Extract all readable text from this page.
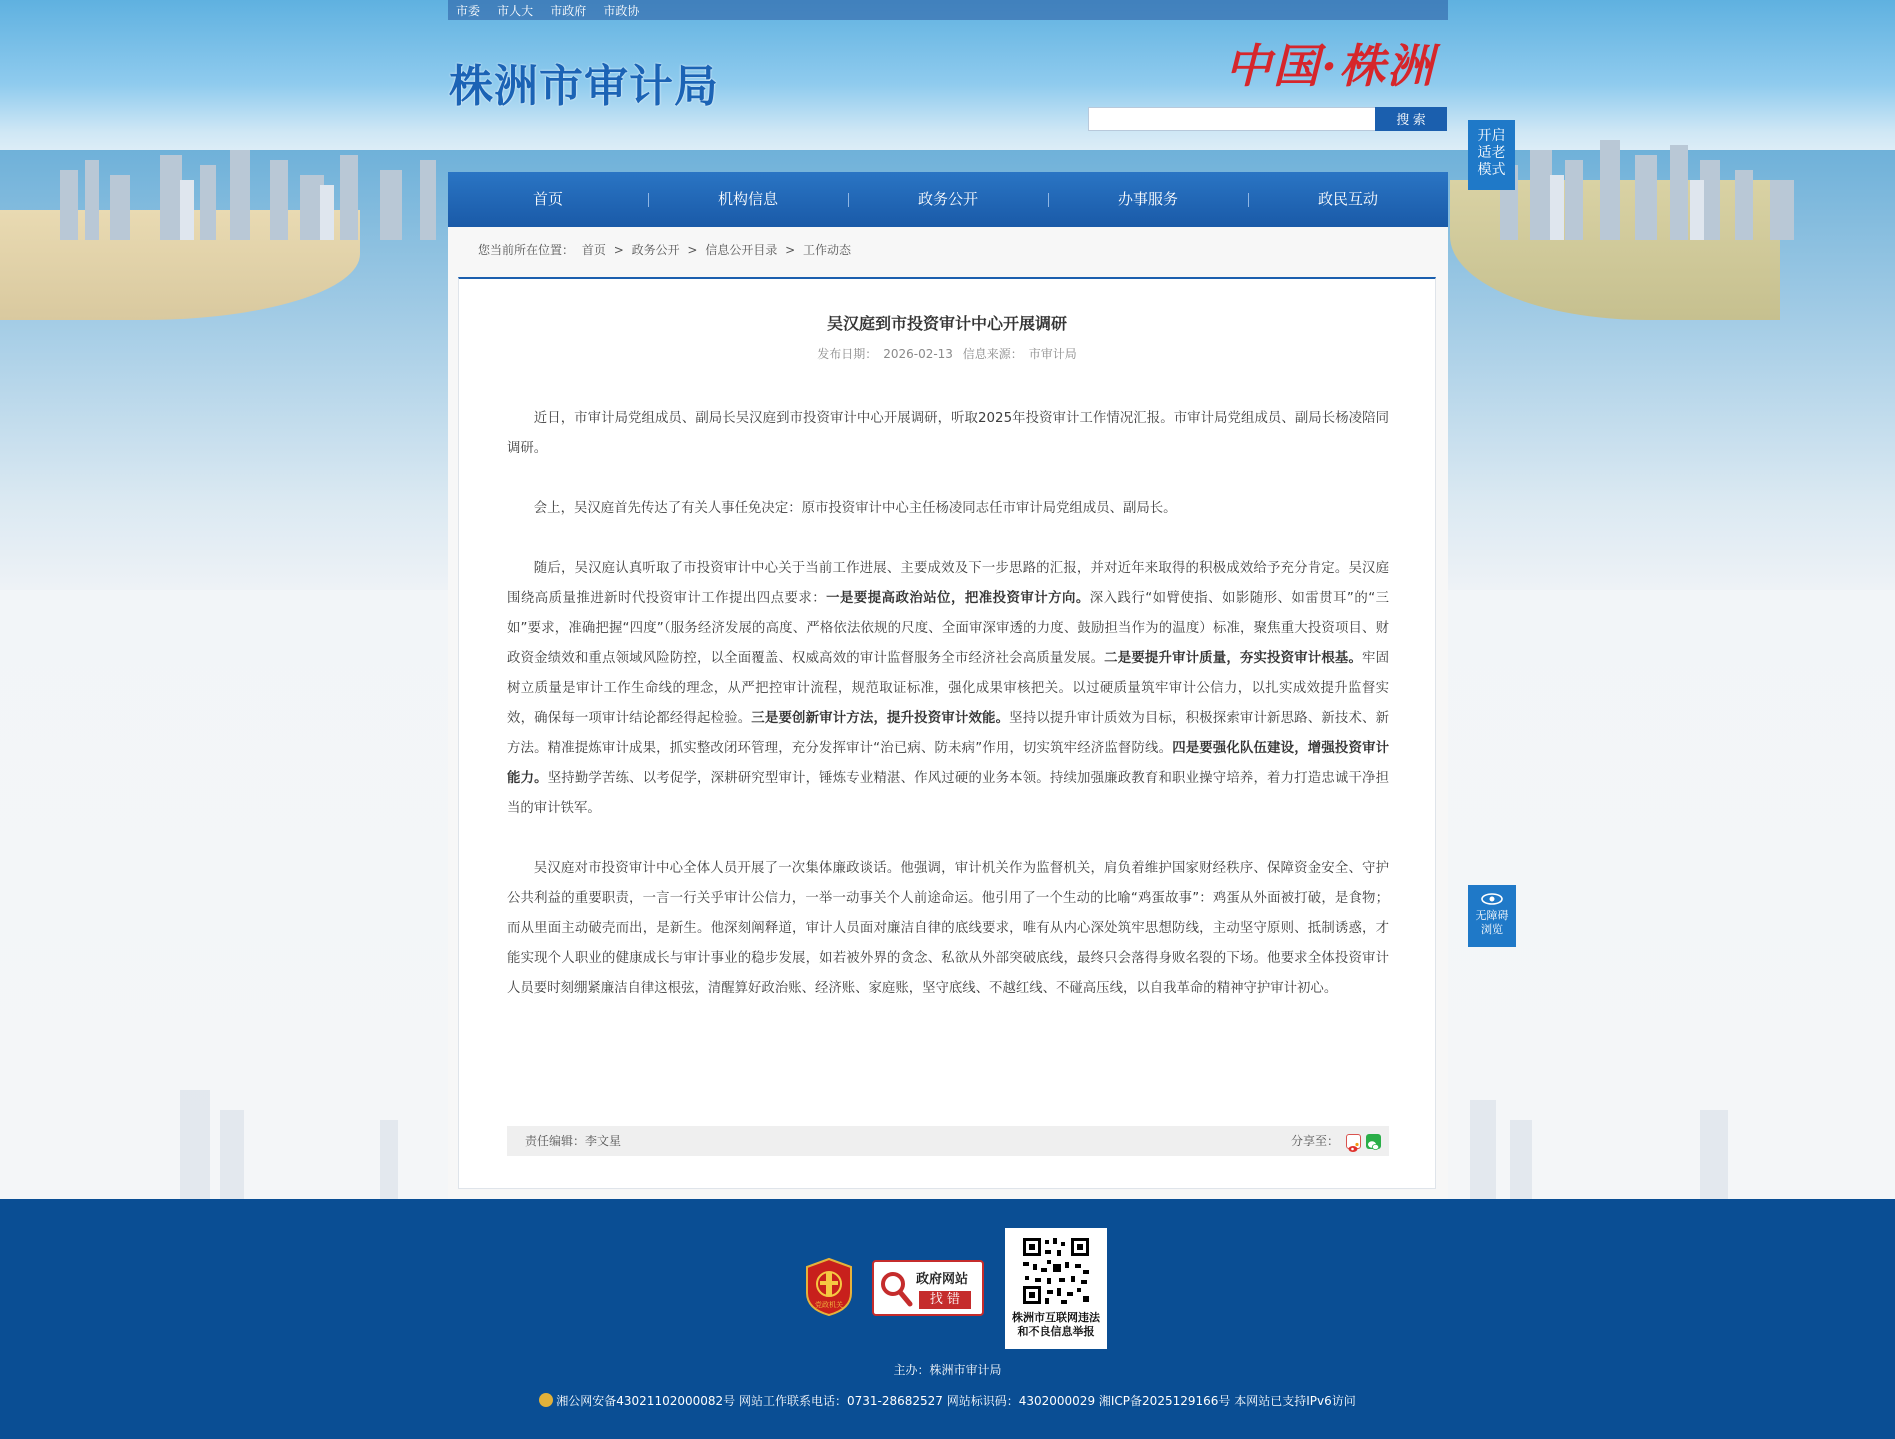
市委 市人大 市政府 市政协
株洲市审计局	中国·株洲
搜 索
开启
适老
模式
首页	机构信息	政务公开	办事服务	政民互动
您当前所在位置： 首页 > 政务公开 > 信息公开目录 > 工作动态
吴汉庭到市投资审计中心开展调研
发布日期： 2026-02-13 信息来源： 市审计局

近日，市审计局党组成员、副局长吴汉庭到市投资审计中心开展调研，听取2025年投资审计工作情况汇报。市审计局党组成员、副局长杨凌陪同调研。

会上，吴汉庭首先传达了有关人事任免决定：原市投资审计中心主任杨凌同志任市审计局党组成员、副局长。

随后，吴汉庭认真听取了市投资审计中心关于当前工作进展、主要成效及下一步思路的汇报，并对近年来取得的积极成效给予充分肯定。吴汉庭围绕高质量推进新时代投资审计工作提出四点要求：一是要提高政治站位，把准投资审计方向。深入践行“如臂使指、如影随形、如雷贯耳”的“三如”要求，准确把握“四度”（服务经济发展的高度、严格依法依规的尺度、全面审深审透的力度、鼓励担当作为的温度）标准，聚焦重大投资项目、财政资金绩效和重点领域风险防控，以全面覆盖、权威高效的审计监督服务全市经济社会高质量发展。二是要提升审计质量，夯实投资审计根基。牢固树立质量是审计工作生命线的理念，从严把控审计流程，规范取证标准，强化成果审核把关。以过硬质量筑牢审计公信力，以扎实成效提升监督实效，确保每一项审计结论都经得起检验。三是要创新审计方法，提升投资审计效能。坚持以提升审计质效为目标，积极探索审计新思路、新技术、新方法。精准提炼审计成果，抓实整改闭环管理，充分发挥审计“治已病、防未病”作用，切实筑牢经济监督防线。四是要强化队伍建设，增强投资审计能力。坚持勤学苦练、以考促学，深耕研究型审计，锤炼专业精湛、作风过硬的业务本领。持续加强廉政教育和职业操守培养，着力打造忠诚干净担当的审计铁军。

吴汉庭对市投资审计中心全体人员开展了一次集体廉政谈话。他强调，审计机关作为监督机关，肩负着维护国家财经秩序、保障资金安全、守护公共利益的重要职责，一言一行关乎审计公信力，一举一动事关个人前途命运。他引用了一个生动的比喻“鸡蛋故事”：鸡蛋从外面被打破，是食物；而从里面主动破壳而出，是新生。他深刻阐释道，审计人员面对廉洁自律的底线要求，唯有从内心深处筑牢思想防线，主动坚守原则、抵制诱惑，才能实现个人职业的健康成长与审计事业的稳步发展，如若被外界的贪念、私欲从外部突破底线，最终只会落得身败名裂的下场。他要求全体投资审计人员要时刻绷紧廉洁自律这根弦，清醒算好政治账、经济账、家庭账，坚守底线、不越红线、不碰高压线，以自我革命的精神守护审计初心。

责任编辑：李文星	分享至：
无障碍
浏览
党政机关
政府网站
找 错
株洲市互联网违法和不良信息举报
主办：株洲市审计局
湘公网安备43021102000082号 网站工作联系电话：0731-28682527 网站标识码：4302000029 湘ICP备2025129166号 本网站已支持IPv6访问
